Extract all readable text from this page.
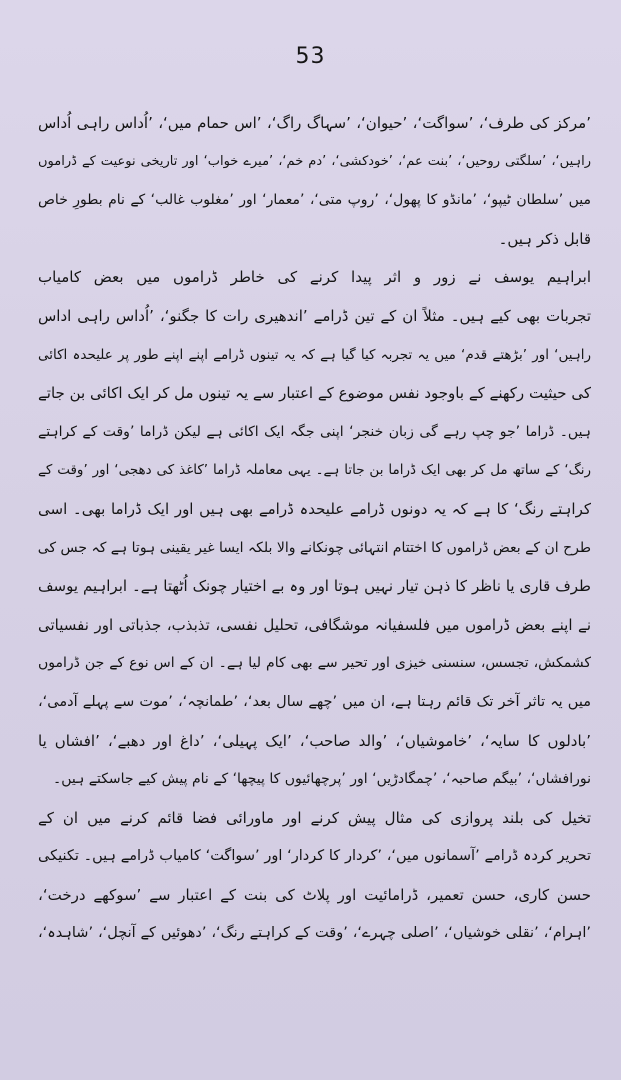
53
’مرکز کی طرف‘، ’سواگت‘، ’حیوان‘، ’سہاگ راگ‘، ’اس حمام میں‘، ’اُداس راہی اُداس
راہیں‘، ’سلگتی روحیں‘، ’بنت عم‘، ’خودکشی‘، ’دم خم‘، ’میرے خواب‘ اور تاریخی نوعیت کے ڈراموں
میں ’سلطان ٹیپو‘، ’مانڈو کا پھول‘، ’روپ متی‘، ’معمار‘ اور ’مغلوب غالب‘ کے نام بطورِ خاص
قابل ذکر ہیں۔
ابراہیم یوسف نے زور و اثر پیدا کرنے کی خاطر ڈراموں میں بعض کامیاب
تجربات بھی کیے ہیں۔ مثلاً ان کے تین ڈرامے ’اندھیری رات کا جگنو‘، ’اُداس راہی اداس
راہیں‘ اور ’بڑھتے قدم‘ میں یہ تجربہ کیا گیا ہے کہ یہ تینوں ڈرامے اپنے اپنے طور پر علیحدہ اکائی
کی حیثیت رکھنے کے باوجود نفس موضوع کے اعتبار سے یہ تینوں مل کر ایک اکائی بن جاتے
ہیں۔ ڈراما ’جو چپ رہے گی زبان خنجر‘ اپنی جگہ ایک اکائی ہے لیکن ڈراما ’وقت کے کراہتے
رنگ‘ کے ساتھ مل کر بھی ایک ڈراما بن جاتا ہے۔ یہی معاملہ ڈراما ’کاغذ کی دھجی‘ اور ’وقت کے
کراہتے رنگ‘ کا ہے کہ یہ دونوں ڈرامے علیحدہ ڈرامے بھی ہیں اور ایک ڈراما بھی۔ اسی
طرح ان کے بعض ڈراموں کا اختتام انتہائی چونکانے والا بلکہ ایسا غیر یقینی ہوتا ہے کہ جس کی
طرف قاری یا ناظر کا ذہن تیار نہیں ہوتا اور وہ بے اختیار چونک اُٹھتا ہے۔ ابراہیم یوسف
نے اپنے بعض ڈراموں میں فلسفیانہ موشگافی، تحلیل نفسی، تذبذب، جذباتی اور نفسیاتی
کشمکش، تجسس، سنسنی خیزی اور تحیر سے بھی کام لیا ہے۔ ان کے اس نوع کے جن ڈراموں
میں یہ تاثر آخر تک قائم رہتا ہے، ان میں ’چھے سال بعد‘، ’طمانچہ‘، ’موت سے پہلے آدمی‘،
’بادلوں کا سایہ‘، ’خاموشیاں‘، ’والد صاحب‘، ’ایک پہیلی‘، ’داغ اور دھبے‘، ’افشاں یا
نورافشاں‘، ’بیگم صاحبہ‘، ’چمگادڑیں‘ اور ’پرچھائیوں کا پیچھا‘ کے نام پیش کیے جاسکتے ہیں۔
تخیل کی بلند پروازی کی مثال پیش کرنے اور ماورائی فضا قائم کرنے میں ان کے
تحریر کردہ ڈرامے ’آسمانوں میں‘، ’کردار کا کردار‘ اور ’سواگت‘ کامیاب ڈرامے ہیں۔ تکنیکی
حسن کاری، حسن تعمیر، ڈرامائیت اور پلاٹ کی بنت کے اعتبار سے ’سوکھے درخت‘،
’اہرام‘، ’نقلی خوشیاں‘، ’اصلی چہرے‘، ’وقت کے کراہتے رنگ‘، ’دھوئیں کے آنچل‘، ’شاہدہ‘،
